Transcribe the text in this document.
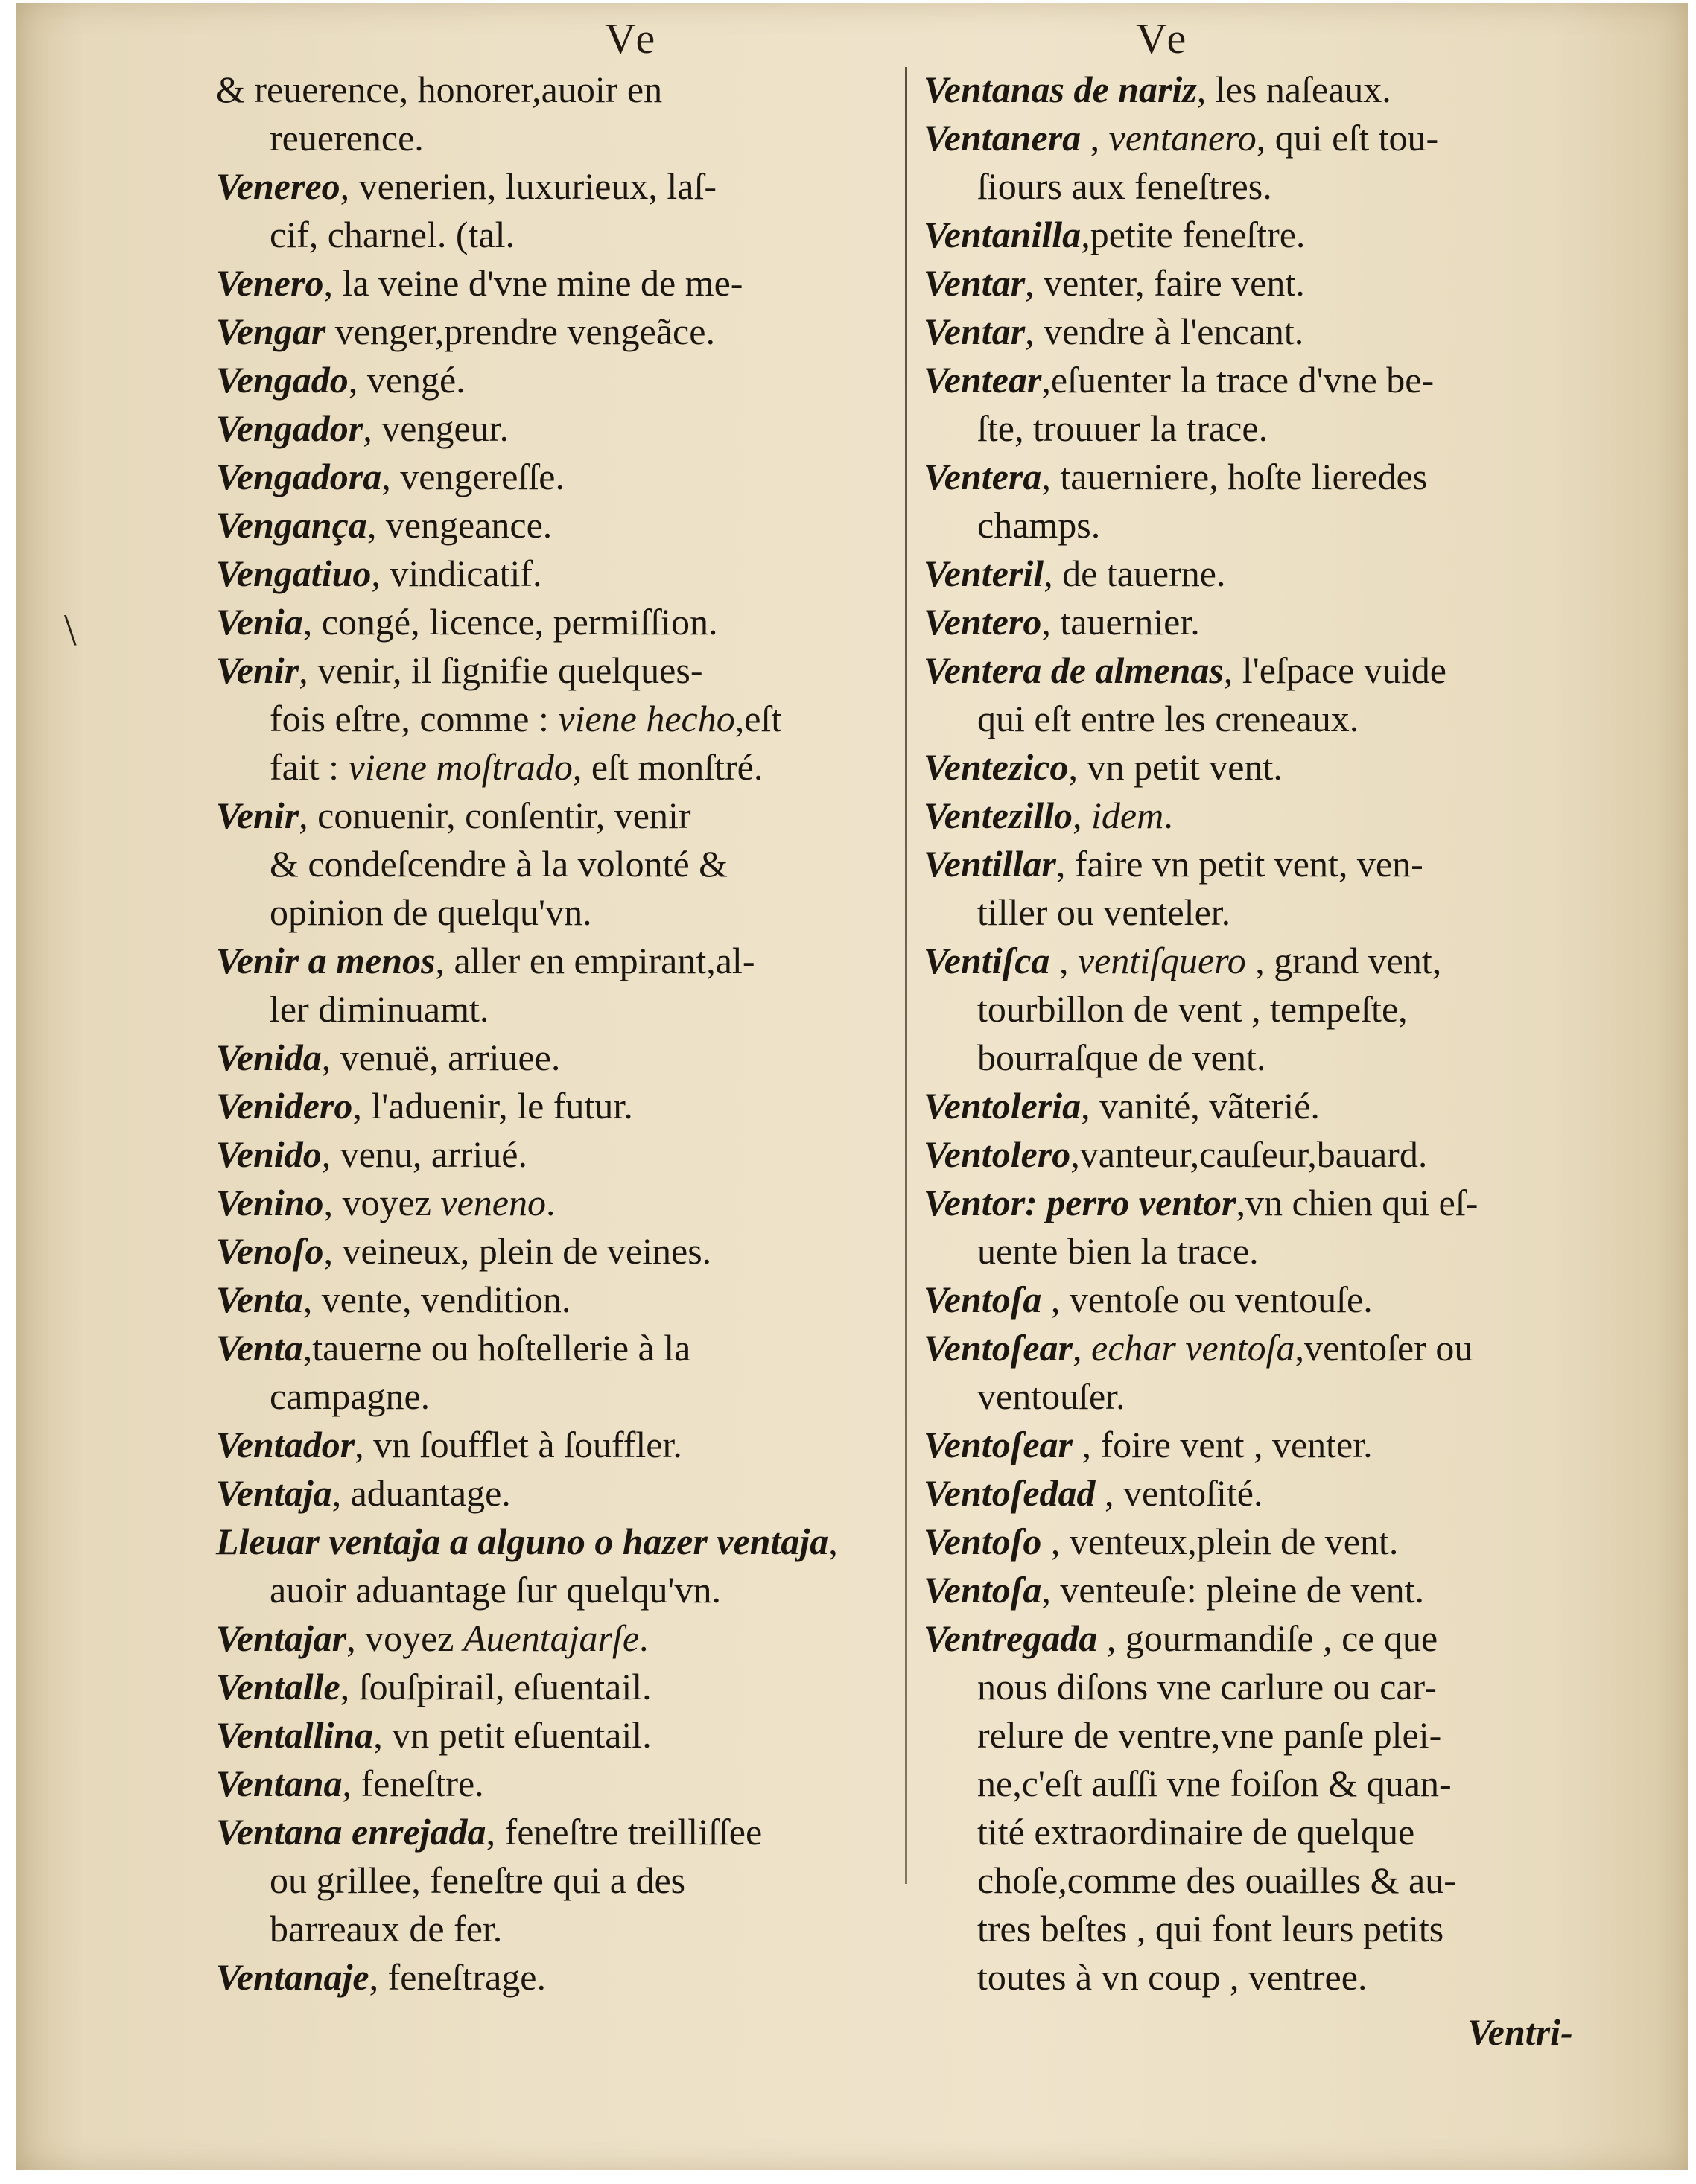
Ve	Ve
\
& reuerence, honorer,auoir en
reuerence.
Venereo, venerien, luxurieux, laſ-
cif, charnel. (tal.
Venero, la veine d'vne mine de me-
Vengar venger,prendre vengeãce.
Vengado, vengé.
Vengador, vengeur.
Vengadora, vengereſſe.
Vengança, vengeance.
Vengatiuo, vindicatif.
Venia, congé, licence, permiſſion.
Venir, venir, il ſignifie quelques-
fois eſtre, comme : viene hecho,eſt
fait : viene moſtrado, eſt monſtré.
Venir, conuenir, conſentir, venir
& condeſcendre à la volonté &
opinion de quelqu'vn.
Venir a menos, aller en empirant,al-
ler diminuamt.
Venida, venuë, arriuee.
Venidero, l'aduenir, le futur.
Venido, venu, arriué.
Venino, voyez veneno.
Venoſo, veineux, plein de veines.
Venta, vente, vendition.
Venta,tauerne ou hoſtellerie à la
campagne.
Ventador, vn ſoufflet à ſouffler.
Ventaja, aduantage.
Lleuar ventaja a alguno o hazer ventaja,
auoir aduantage ſur quelqu'vn.
Ventajar, voyez Auentajarſe.
Ventalle, ſouſpirail, eſuentail.
Ventallina, vn petit eſuentail.
Ventana, feneſtre.
Ventana enrejada, feneſtre treilliſſee
ou grillee, feneſtre qui a des
barreaux de fer.
Ventanaje, feneſtrage.
Ventanas de nariz, les naſeaux.
Ventanera , ventanero, qui eſt tou-
ſiours aux feneſtres.
Ventanilla,petite feneſtre.
Ventar, venter, faire vent.
Ventar, vendre à l'encant.
Ventear,eſuenter la trace d'vne be-
ſte, trouuer la trace.
Ventera, tauerniere, hoſte lieredes
champs.
Venteril, de tauerne.
Ventero, tauernier.
Ventera de almenas, l'eſpace vuide
qui eſt entre les creneaux.
Ventezico, vn petit vent.
Ventezillo, idem.
Ventillar, faire vn petit vent, ven-
tiller ou venteler.
Ventiſca , ventiſquero , grand vent,
tourbillon de vent , tempeſte,
bourraſque de vent.
Ventoleria, vanité, vãterié.
Ventolero,vanteur,cauſeur,bauard.
Ventor: perro ventor,vn chien qui eſ-
uente bien la trace.
Ventoſa , ventoſe ou ventouſe.
Ventoſear, echar ventoſa,ventoſer ou
ventouſer.
Ventoſear , foire vent , venter.
Ventoſedad , ventoſité.
Ventoſo , venteux,plein de vent.
Ventoſa, venteuſe: pleine de vent.
Ventregada , gourmandiſe , ce que
nous diſons vne carlure ou car-
relure de ventre,vne panſe plei-
ne,c'eſt auſſi vne foiſon & quan-
tité extraordinaire de quelque
choſe,comme des ouailles & au-
tres beſtes , qui font leurs petits
toutes à vn coup , ventree.
Ventri-
